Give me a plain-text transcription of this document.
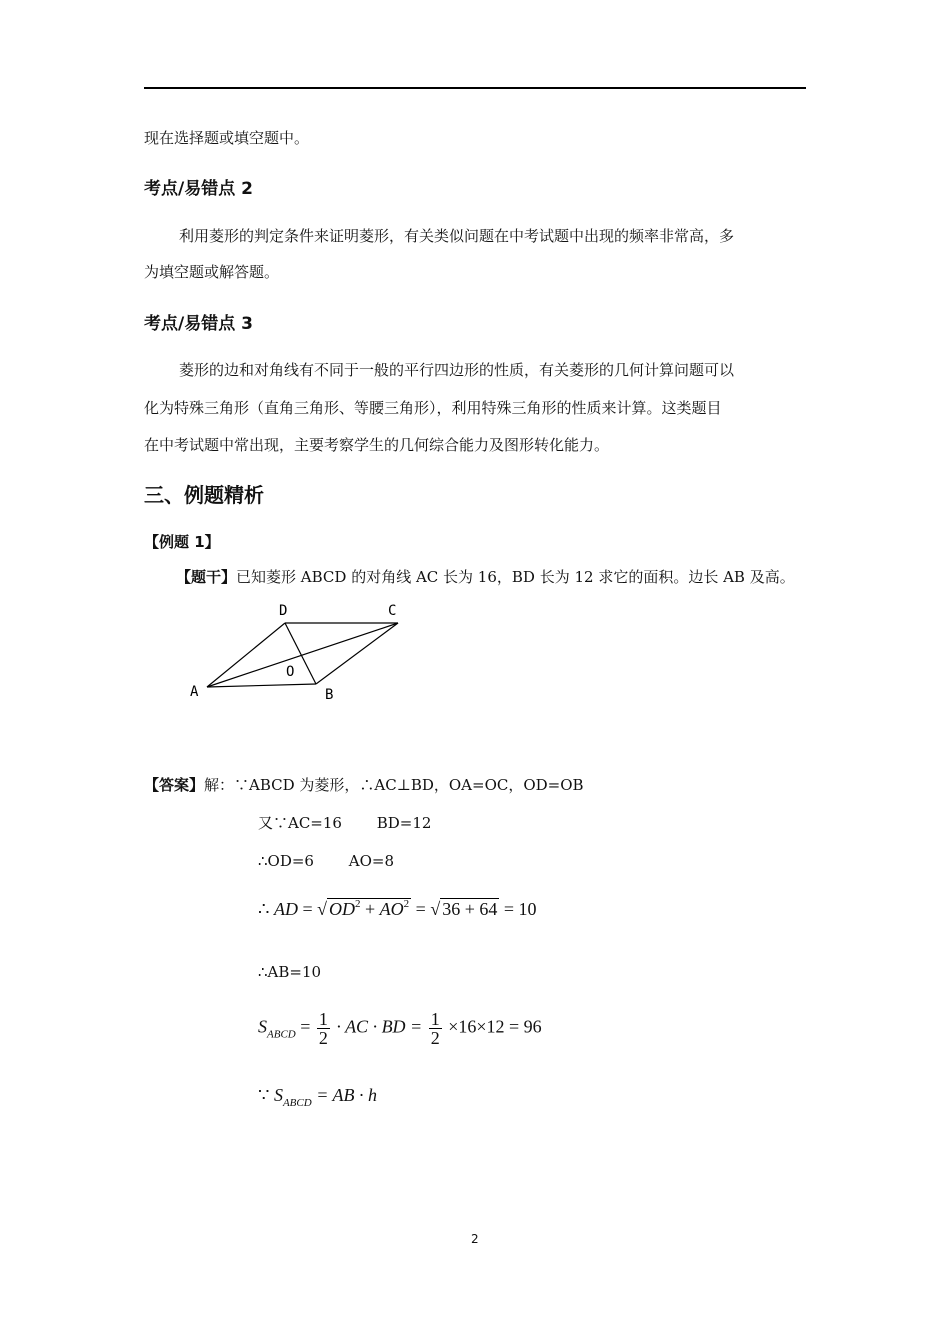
现在选择题或填空题中。
考点/易错点 2
利用菱形的判定条件来证明菱形，有关类似问题在中考试题中出现的频率非常高，多
为填空题或解答题。
考点/易错点 3
菱形的边和对角线有不同于一般的平行四边形的性质，有关菱形的几何计算问题可以
化为特殊三角形（直角三角形、等腰三角形），利用特殊三角形的性质来计算。这类题目
在中考试题中常出现，主要考察学生的几何综合能力及图形转化能力。
三、例题精析
【例题 1】
【题干】已知菱形 ABCD 的对角线 AC 长为 16，BD 长为 12 求它的面积。边长 AB 及高。
A	B
C
D
O
【答案】解：∵ABCD 为菱形，∴AC⊥BD，OA=OC，OD=OB
又∵AC=16　　 BD=12
∴OD=6　　 AO=8
∴ AD = √ $OD^2 + AO^2$ = √ 36 + 64 = 10
∴AB=10
$S_{ABCD} = \frac{1}{2}$ · AC · BD = $\frac{1}{2} \times 16\times 12 = 96$
∵ $S_{ABCD}$ = AB · h
2
